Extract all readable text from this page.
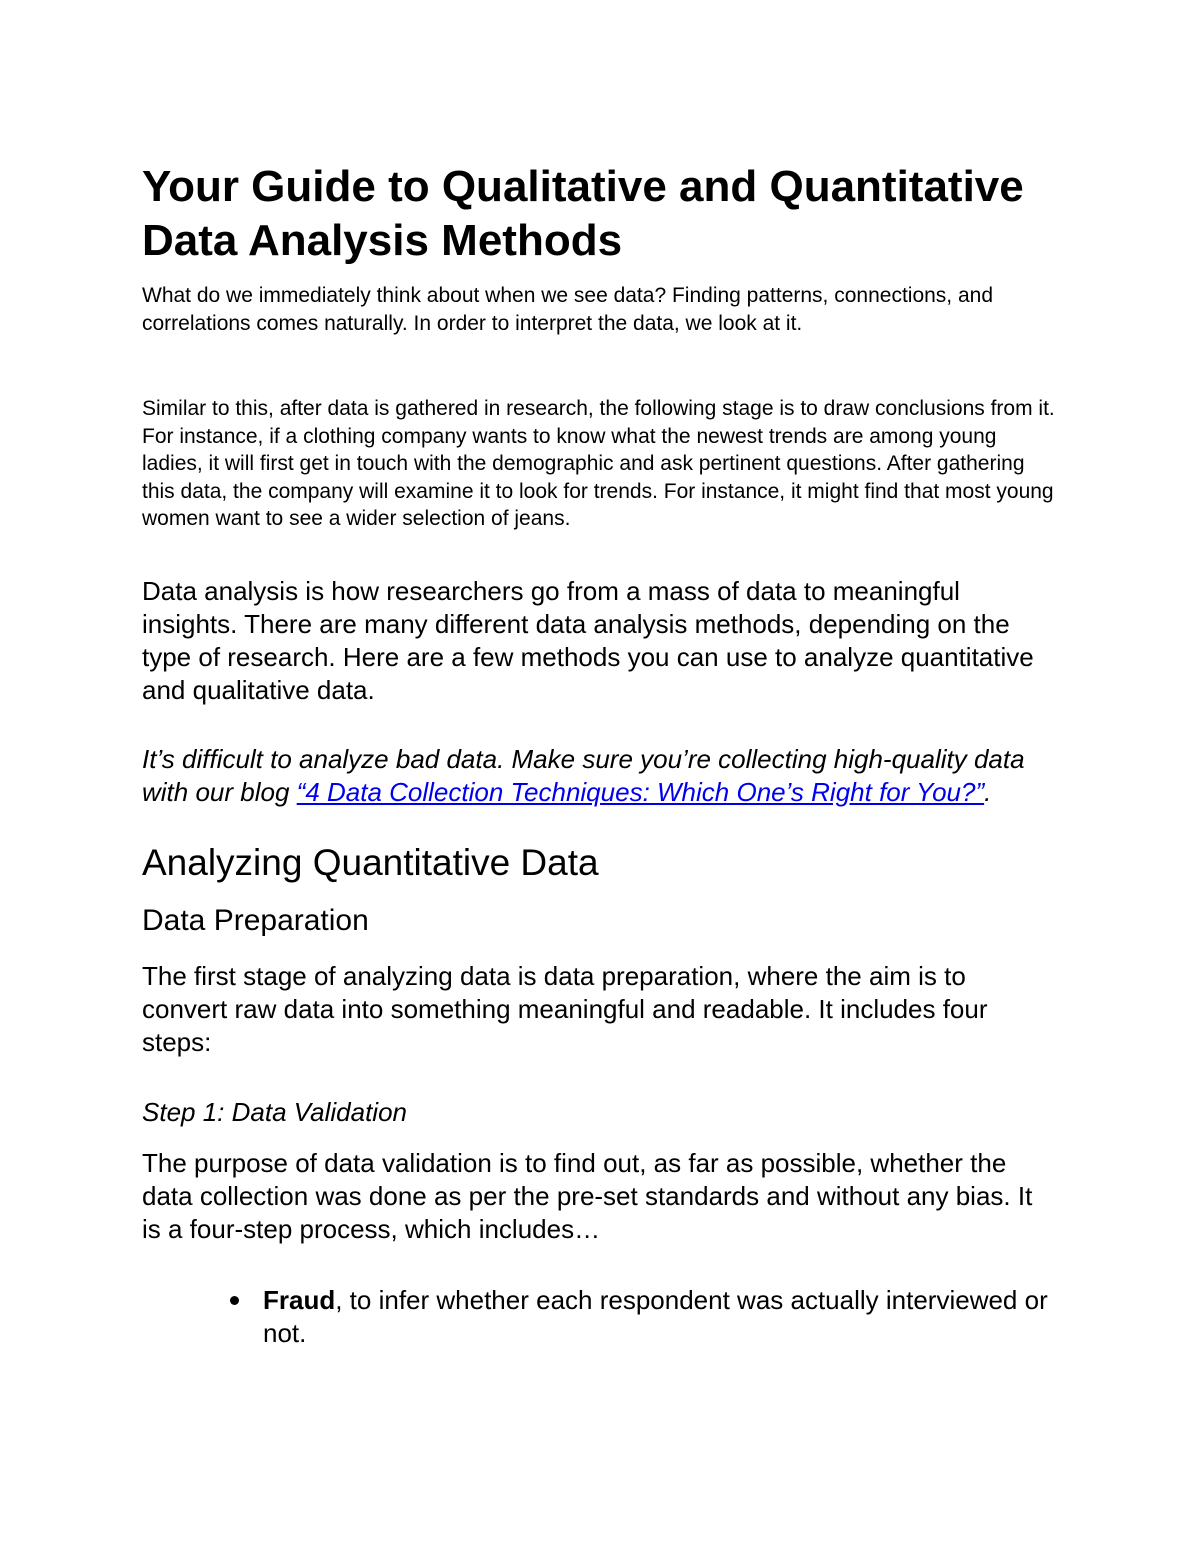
Your Guide to Qualitative and Quantitative Data Analysis Methods

What do we immediately think about when we see data? Finding patterns, connections, and correlations comes naturally. In order to interpret the data, we look at it.

Similar to this, after data is gathered in research, the following stage is to draw conclusions from it. For instance, if a clothing company wants to know what the newest trends are among young ladies, it will first get in touch with the demographic and ask pertinent questions. After gathering this data, the company will examine it to look for trends. For instance, it might find that most young women want to see a wider selection of jeans.

Data analysis is how researchers go from a mass of data to meaningful insights. There are many different data analysis methods, depending on the type of research. Here are a few methods you can use to analyze quantitative and qualitative data.

It’s difficult to analyze bad data. Make sure you’re collecting high-quality data with our blog “4 Data Collection Techniques: Which One’s Right for You?”.

Analyzing Quantitative Data
Data Preparation

The first stage of analyzing data is data preparation, where the aim is to convert raw data into something meaningful and readable. It includes four steps:

Step 1: Data Validation

The purpose of data validation is to find out, as far as possible, whether the data collection was done as per the pre-set standards and without any bias. It is a four-step process, which includes…

Fraud, to infer whether each respondent was actually interviewed or not.
